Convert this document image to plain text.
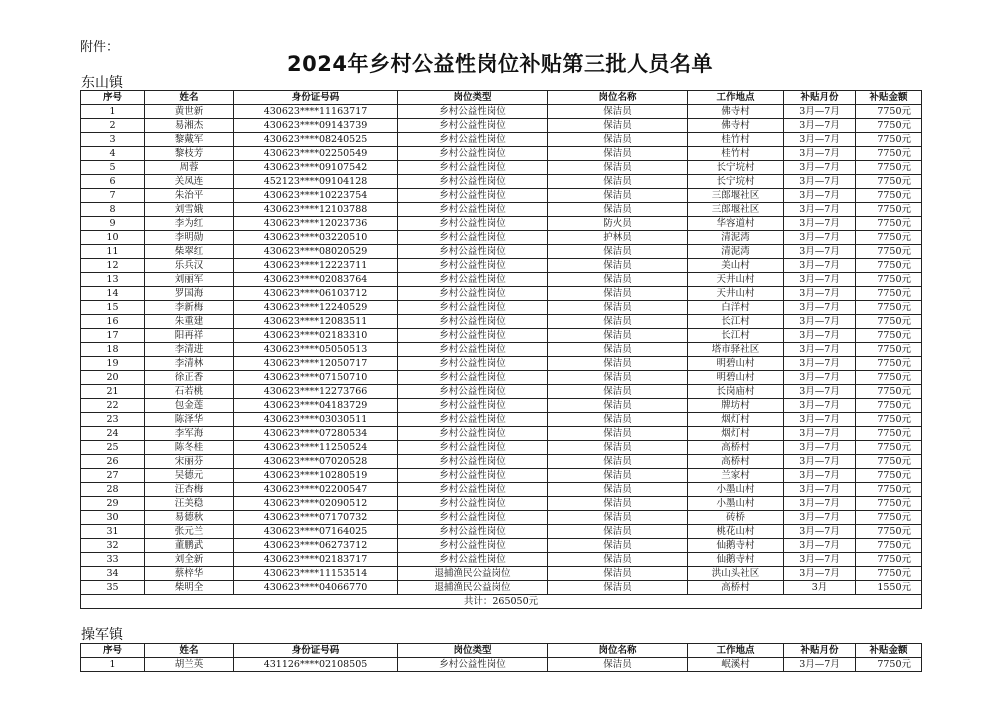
附件：
2024年乡村公益性岗位补贴第三批人员名单
东山镇
序号	姓名	身份证号码	岗位类型	岗位名称	工作地点	补贴月份	补贴金额
1	黄世新	430623****11163717	乡村公益性岗位	保洁员	佛寺村	3月—7月	7750元
2	易湘杰	430623****09143739	乡村公益性岗位	保洁员	佛寺村	3月—7月	7750元
3	黎戴军	430623****08240525	乡村公益性岗位	保洁员	桂竹村	3月—7月	7750元
4	黎枝芳	430623****02250549	乡村公益性岗位	保洁员	桂竹村	3月—7月	7750元
5	周蓉	430623****09107542	乡村公益性岗位	保洁员	长宁垸村	3月—7月	7750元
6	关凤连	452123****09104128	乡村公益性岗位	保洁员	长宁垸村	3月—7月	7750元
7	朱治平	430623****10223754	乡村公益性岗位	保洁员	三郎堰社区	3月—7月	7750元
8	刘雪娥	430623****12103788	乡村公益性岗位	保洁员	三郎堰社区	3月—7月	7750元
9	李为红	430623****12023736	乡村公益性岗位	防火员	华容道村	3月—7月	7750元
10	李明勋	430623****03220510	乡村公益性岗位	护林员	清泥湾	3月—7月	7750元
11	柴翠红	430623****08020529	乡村公益性岗位	保洁员	清泥湾	3月—7月	7750元
12	乐兵汉	430623****12223711	乡村公益性岗位	保洁员	美山村	3月—7月	7750元
13	刘丽军	430623****02083764	乡村公益性岗位	保洁员	天井山村	3月—7月	7750元
14	罗国海	430623****06103712	乡村公益性岗位	保洁员	天井山村	3月—7月	7750元
15	李新梅	430623****12240529	乡村公益性岗位	保洁员	白洋村	3月—7月	7750元
16	朱重建	430623****12083511	乡村公益性岗位	保洁员	长江村	3月—7月	7750元
17	阳再祥	430623****02183310	乡村公益性岗位	保洁员	长江村	3月—7月	7750元
18	李清进	430623****05050513	乡村公益性岗位	保洁员	塔市驿社区	3月—7月	7750元
19	李清林	430623****12050717	乡村公益性岗位	保洁员	明碧山村	3月—7月	7750元
20	徐正香	430623****07150710	乡村公益性岗位	保洁员	明碧山村	3月—7月	7750元
21	石若桃	430623****12273766	乡村公益性岗位	保洁员	长岗庙村	3月—7月	7750元
22	包金莲	430623****04183729	乡村公益性岗位	保洁员	牌坊村	3月—7月	7750元
23	陈泽华	430623****03030511	乡村公益性岗位	保洁员	烟灯村	3月—7月	7750元
24	李军海	430623****07280534	乡村公益性岗位	保洁员	烟灯村	3月—7月	7750元
25	陈冬桂	430623****11250524	乡村公益性岗位	保洁员	高桥村	3月—7月	7750元
26	宋丽芬	430623****07020528	乡村公益性岗位	保洁员	高桥村	3月—7月	7750元
27	吴德元	430623****10280519	乡村公益性岗位	保洁员	兰家村	3月—7月	7750元
28	汪杏梅	430623****02200547	乡村公益性岗位	保洁员	小墨山村	3月—7月	7750元
29	汪美稳	430623****02090512	乡村公益性岗位	保洁员	小墨山村	3月—7月	7750元
30	易德秋	430623****07170732	乡村公益性岗位	保洁员	砖桥	3月—7月	7750元
31	张元兰	430623****07164025	乡村公益性岗位	保洁员	桃花山村	3月—7月	7750元
32	董鹏武	430623****06273712	乡村公益性岗位	保洁员	仙鹅寺村	3月—7月	7750元
33	刘全新	430623****02183717	乡村公益性岗位	保洁员	仙鹅寺村	3月—7月	7750元
34	蔡梓华	430623****11153514	退捕渔民公益岗位	保洁员	洪山头社区	3月—7月	7750元
35	柴明全	430623****04066770	退捕渔民公益岗位	保洁员	高桥村	3月	1550元
共计：265050元							
操军镇
序号	姓名	身份证号码	岗位类型	岗位名称	工作地点	补贴月份	补贴金额
1	胡兰英	431126****02108505	乡村公益性岗位	保洁员	岷溪村	3月—7月	7750元
